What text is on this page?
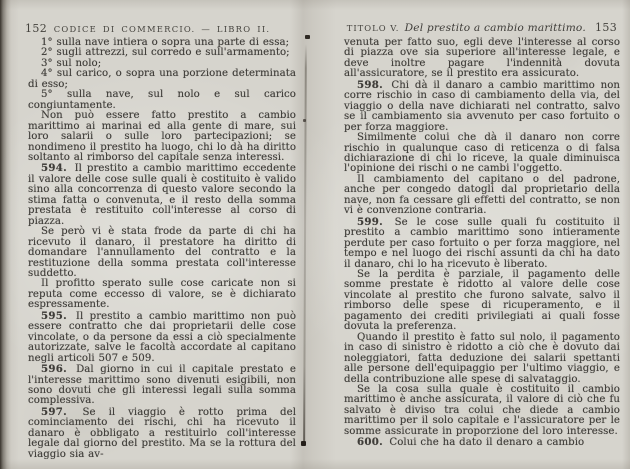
152 CODICE DI COMMERCIO. — LIBRO II.

1° sulla nave intiera o sopra una parte di essa;

2° sugli attrezzi, sul corredo e sull'armamento;

3° sul nolo;

4° sul carico, o sopra una porzione determinata di esso;

5° sulla nave, sul nolo e sul carico congiuntamente.

Non può essere fatto prestito a cambio marittimo ai marinai ed alla gente di mare, sui loro salarii o sulle loro partecipazioni; se nondimeno il prestito ha luogo, chi lo dà ha diritto soltanto al rimborso del capitale senza interessi.

594. Il prestito a cambio marittimo eccedente il valore delle cose sulle quali è costituito è valido sino alla concorrenza di questo valore secondo la stima fatta o convenuta, e il resto della somma prestata è restituito coll'interesse al corso di piazza.

Se però vi è stata frode da parte di chi ha ricevuto il danaro, il prestatore ha diritto di domandare l'annullamento del contratto e la restituzione della somma prestata coll'interesse suddetto.

Il profitto sperato sulle cose caricate non si reputa come eccesso di valore, se è dichiarato espressamente.

595. Il prestito a cambio marittimo non può essere contratto che dai proprietarii delle cose vincolate, o da persone da essi a ciò specialmente autorizzate, salve le facoltà accordate al capitano negli articoli 507 e 509.

596. Dal giorno in cui il capitale prestato e l'interesse marittimo sono divenuti esigibili, non sono dovuti che gli interessi legali sulla somma complessiva.

597. Se il viaggio è rotto prima del cominciamento dei rischi, chi ha ricevuto il danaro è obbligato a restituirlo coll'interesse legale dal giorno del prestito. Ma se la rottura del viaggio sia av-

TITOLO V. Del prestito a cambio marittimo. 153

venuta per fatto suo, egli deve l'interesse al corso di piazza ove sia superiore all'interesse legale, e deve inoltre pagare l'indennità dovuta all'assicuratore, se il prestito era assicurato.

598. Chi dà il danaro a cambio marittimo non corre rischio in caso di cambiamento della via, del viaggio o della nave dichiarati nel contratto, salvo se il cambiamento sia avvenuto per caso fortuito o per forza maggiore.

Similmente colui che dà il danaro non corre rischio in qualunque caso di reticenza o di falsa dichiarazione di chi lo riceve, la quale diminuisca l'opinione dei rischi o ne cambi l'oggetto.

Il cambiamento del capitano o del padrone, anche per congedo datogli dal proprietario della nave, non fa cessare gli effetti del contratto, se non vi è convenzione contraria.

599. Se le cose sulle quali fu costituito il prestito a cambio marittimo sono intieramente perdute per caso fortuito o per forza maggiore, nel tempo e nel luogo dei rischi assunti da chi ha dato il danaro, chi lo ha ricevuto è liberato.

Se la perdita è parziale, il pagamento delle somme prestate è ridotto al valore delle cose vincolate al prestito che furono salvate, salvo il rimborso delle spese di ricuperamento, e il pagamento dei crediti privilegiati ai quali fosse dovuta la preferenza.

Quando il prestito è fatto sul nolo, il pagamento in caso di sinistro è ridotto a ciò che è dovuto dai noleggiatori, fatta deduzione dei salarii spettanti alle persone dell'equipaggio per l'ultimo viaggio, e della contribuzione alle spese di salvataggio.

Se la cosa sulla quale è costituito il cambio marittimo è anche assicurata, il valore di ciò che fu salvato è diviso tra colui che diede a cambio marittimo per il solo capitale e l'assicuratore per le somme assicurate in proporzione del loro interesse.

600. Colui che ha dato il denaro a cambio
